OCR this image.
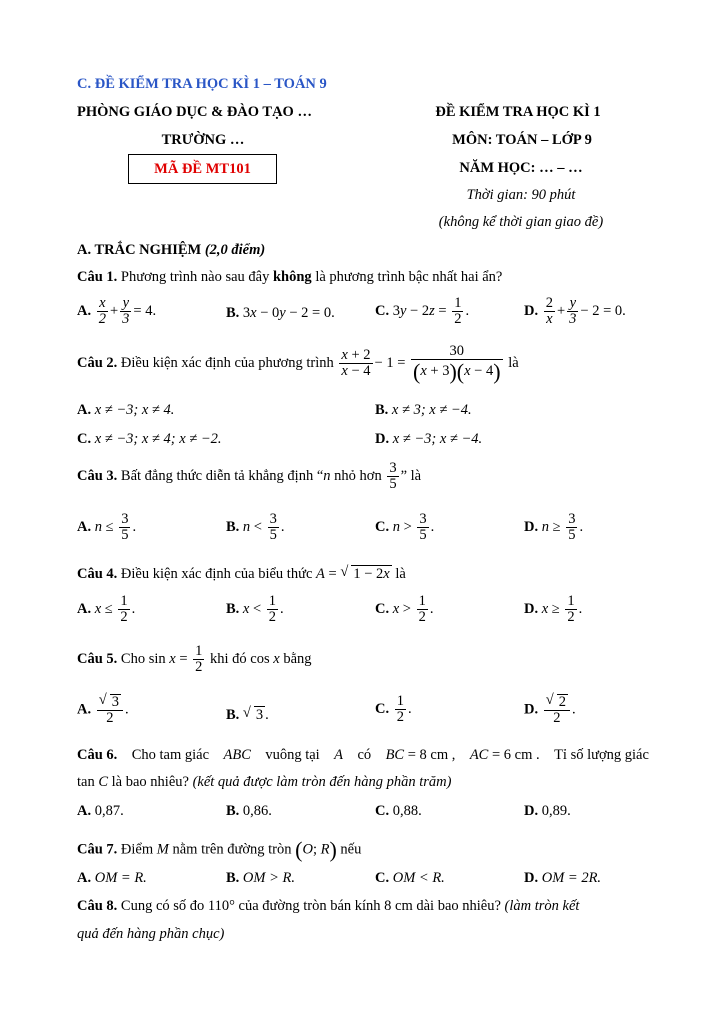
C. ĐỀ KIỂM TRA HỌC KÌ 1 – TOÁN 9
PHÒNG GIÁO DỤC & ĐÀO TẠO …
TRƯỜNG …
MÃ ĐỀ MT101
ĐỀ KIỂM TRA HỌC KÌ 1
MÔN: TOÁN – LỚP 9
NĂM HỌC: … – …
Thời gian: 90 phút
(không kể thời gian giao đề)
A. TRẮC NGHIỆM (2,0 điểm)
Câu 1. Phương trình nào sau đây không là phương trình bậc nhất hai ẩn?
A. $\frac{x}{2} + \frac{y}{3} = 4$.	B. 3x − 0y − 2 = 0.	C. $3y - 2z = \frac{1}{2}$ .	D. $\frac{2}{x} + \frac{y}{3} - 2 = 0$.
Câu 2. Điều kiện xác định của phương trình $\frac{x + 2}{x - 4} - 1 = \frac{30}{(x + 3)(x - 4)}$ là
A. x ≠ −3; x ≠ 4.	B. x ≠ 3; x ≠ −4.
C. x ≠ −3; x ≠ 4; x ≠ −2.	D. x ≠ −3; x ≠ −4.
Câu 3. Bất đẳng thức diễn tả khẳng định “n nhỏ hơn $\frac{3}{5}$ ” là
A. $n \le \frac{3}{5}$ .	B. $n < \frac{3}{5}$ .	C. $n > \frac{3}{5}$ .	D. $n \ge \frac{3}{5}$ .
Câu 4. Điều kiện xác định của biểu thức A = √ 1 − 2x là
A. $x \le \frac{1}{2}$ .	B. $x < \frac{1}{2}$ .	C. $x > \frac{1}{2}$ .	D. $x \ge \frac{1}{2}$ .
Câu 5. Cho $\sin x = \frac{1}{2}$ khi đó cos x bằng
A. √ $\frac{3}{2}$ .	B. √ 3 .	C. $\frac{1}{2}$ .	D. √ $\frac{2}{2}$ .
Câu 6. Cho tam giác ABC vuông tại A có BC = 8 cm , AC = 6 cm . Tỉ số lượng giác
tan C là bao nhiêu? (kết quả được làm tròn đến hàng phần trăm)
A. 0,87.	B. 0,86.	C. 0,88.	D. 0,89.
Câu 7. Điểm M nằm trên đường tròn (O; R) nếu
A. OM = R.	B. OM > R.	C. OM < R.	D. OM = 2R.
Câu 8. Cung có số đo 110° của đường tròn bán kính 8 cm dài bao nhiêu? (làm tròn kết
quả đến hàng phần chục)
